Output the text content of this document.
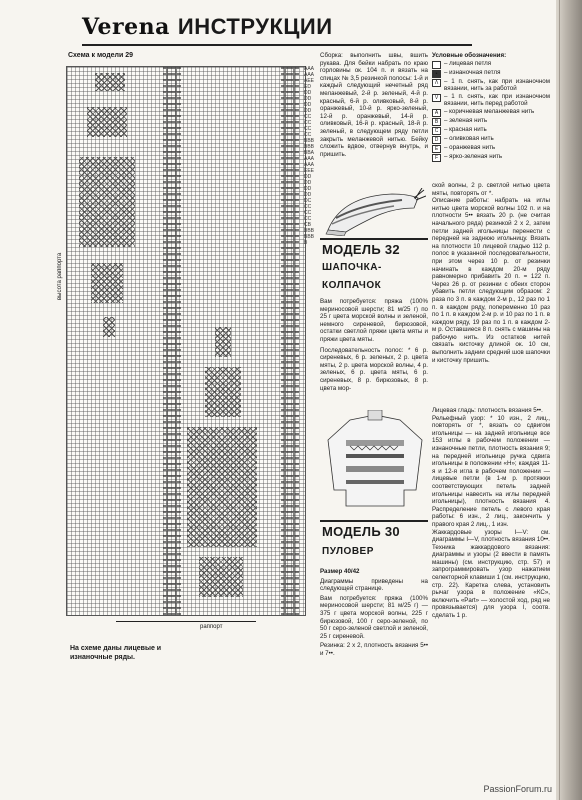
Verena ИНСТРУКЦИИ
Схема к модели 29
AAAAAAAEEEDDDDDDDDDCCCCCCCCBBBBBBBBAAAAAAAEEEDDDDDDDDDCCCCCCCCBBBBBBBB
высота раппорта
раппорт
На схеме даны лицевые и изнаночные ряды.
Сборка: выполнить швы, вшить рукава. Для бейки набрать по краю горловины ок. 104 п. и вязать на спицах № 3,5 резинкой полосы: 1-й и каждый следующий нечетный ряд меланжевый, 2-й р. зеленый, 4-й р. красный, 6-й р. оливковый, 8-й р. оранжевый, 10-й р. ярко-зеленый, 12-й р. оранжевый, 14-й р. оливковый, 16-й р. красный, 18-й р. зеленый, в следующем ряду петли закрыть меланжевой нитью. Бейку сложить вдвое, отвернув внутрь, и пришить.
Условные обозначения:
– лицевая петля
•	– изнаночная петля
Λ – 1 п. снять, как при изнаночном вязании, нить за работой
V – 1 п. снять, как при изнаночном вязании, нить перед работой
A – коричневая меланжевая нить
B – зеленая нить
C – красная нить
D – оливковая нить
E – оранжевая нить
F – ярко-зеленая нить
МОДЕЛЬ 32
ШАПОЧКА-
КОЛПАЧОК
Вам потребуется: пряжа (100% мериносовой шерсти; 81 м/25 г) по 25 г цвета морской волны и зеленой, немного сиреневой, бирюзовой, остатки светлой пряжи цвета мяты и пряжи цвета мяты.
Последовательность полос: * 6 р. сиреневых, 6 р. зеленых, 2 р. цвета мяты, 2 р. цвета морской волны, 4 р. зеленых, 6 р. цвета мяты, 6 р. сиреневых, 8 р. бирюзовых, 8 р. цвета мор-
ской волны, 2 р. светлой нитью цвета мяты, повторять от *.
Описание работы: набрать на иглы нитью цвета морской волны 102 п. и на плотности 5•• вязать 20 р. (не считая начального ряда) резинкой 2 х 2, затем петли задней игольницы перенести с передней на заднюю игольницу. Вязать на плотности 10 лицевой гладью 112 р. полос в указанной последовательности, при этом через 10 р. от резинки начинать в каждом 20-м ряду равномерно прибавить 20 п. = 122 п. Через 26 р. от резинки с обеих сторон убавить петли следующим образом: 2 раза по 3 п. в каждом 2-м р., 12 раз по 1 п. в каждом ряду, попеременно 10 раз по 1 п. в каждом 2-м р. и 10 раз по 1 п. в каждом ряду, 19 раз по 1 п. в каждом 2-м р. Оставшиеся 8 п. снять с машины на рабочую нить. Из остатков нитей связать кисточку длиной ок. 10 см, выполнить заднии средний шов шапочки и кисточку пришить.
МОДЕЛЬ 30
ПУЛОВЕР
Размер 40/42
Диаграммы приведены на следующей странице.
Вам потребуется: пряжа (100% мериносовой шерсти; 81 м/25 г) — 375 г цвета морской волны, 225 г бирюзовой, 100 г серо-зеленой, по 50 г серо-зеленой светлой и зеленой, 25 г сиреневой.
Резинка: 2 х 2, плотность вязания 5•• и 7••.
Лицевая гладь: плотность вязания 5••.
Рельефный узор: * 10 изн., 2 лиц., повторять от *, вязать со сдвигом игольницы — на задней игольнице все 153 иглы в рабочем положении — изнаночные петли, плотность вязания 9; на передней игольнице ручка сдвига игольницы в положении «Н»; каждая 11-я и 12-я игла в рабочем положении — лицевые петли (в 1-м р. протяжки соответствующих петель задней игольницы навесить на иглы передней игольницы), плотность вязания 4. Распределение петель с левого края работы: 6 изн., 2 лиц., закончить у правого края 2 лиц., 1 изн.
Жаккардовые узоры I—V: см. диаграммы I—V, плотность вязания 10••.
Техника жаккардового вязания: диаграммы и узоры (2 ввести в память машины) (см. инструкцию, стр. 57) и запрограммировать узор нажатием селекторной клавиши 1 (см. инструкцию, стр. 22). Каретка слева, установить рычаг узора в положение «КС», включить «Part» — холостой ход, ряд не провязывается) для узора I, соотв. сделать 1 р.
PassionForum.ru
